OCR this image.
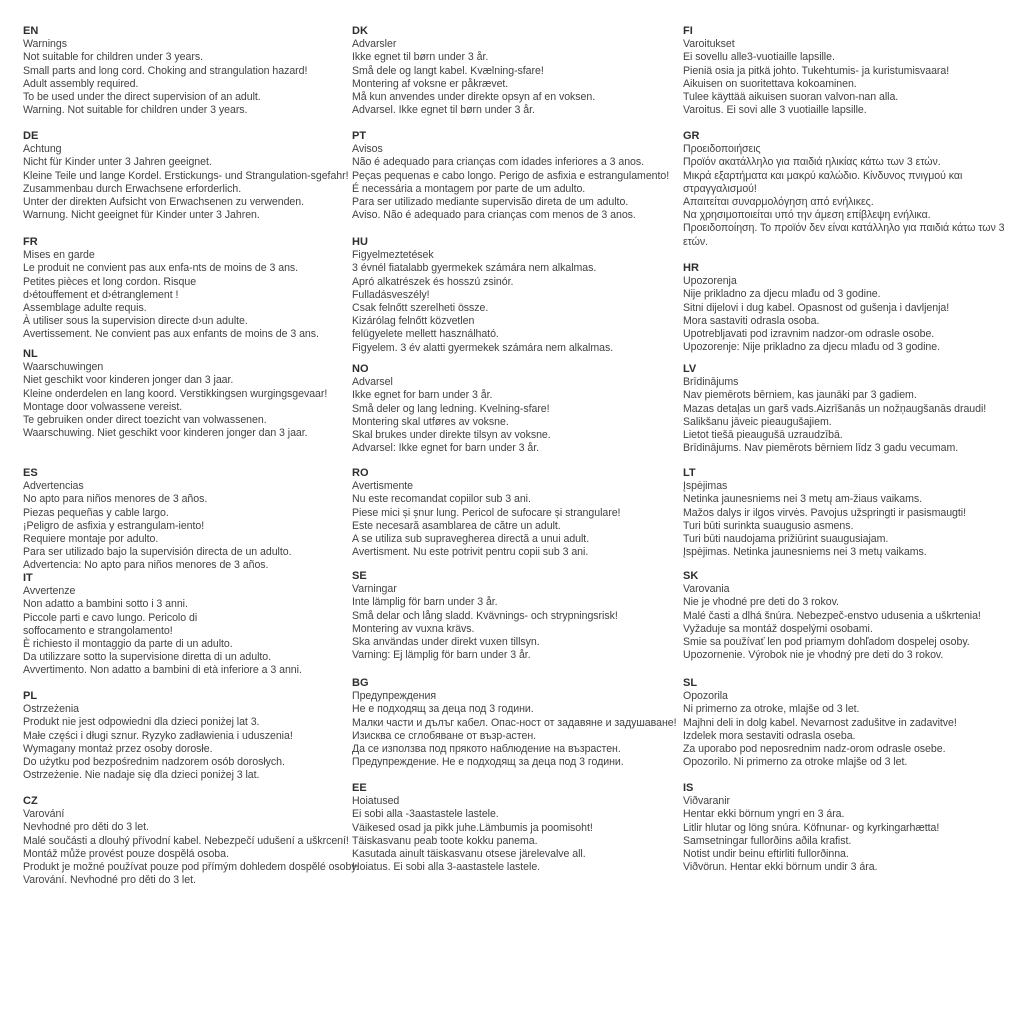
EN
Warnings
Not suitable for children under 3 years.
Small parts and long cord. Choking and strangulation hazard!
Adult assembly required.
To be used under the direct supervision of an adult.
Warning. Not suitable for children under 3 years.
DE
Achtung
Nicht für Kinder unter 3 Jahren geeignet.
Kleine Teile und lange Kordel. Erstickungs- und Strangulation-sgefahr!
Zusammenbau durch Erwachsene erforderlich.
Unter der direkten Aufsicht von Erwachsenen zu verwenden.
Warnung. Nicht geeignet für Kinder unter 3 Jahren.
FR
Mises en garde
Le produit ne convient pas aux enfa-nts de moins de 3 ans.
Petites pièces et long cordon. Risque
d›étouffement et d›étranglement !
Assemblage adulte requis.
À utiliser sous la supervision directe d›un adulte.
Avertissement. Ne convient pas aux enfants de moins de 3 ans.
NL
Waarschuwingen
Niet geschikt voor kinderen jonger dan 3 jaar.
Kleine onderdelen en lang koord. Verstikkingsen wurgingsgevaar!
Montage door volwassene vereist.
Te gebruiken onder direct toezicht van volwassenen.
Waarschuwing. Niet geschikt voor kinderen jonger dan 3 jaar.
ES
Advertencias
No apto para niños menores de 3 años.
Piezas pequeñas y cable largo.
¡Peligro de asfixia y estrangulam-iento!
Requiere montaje por adulto.
Para ser utilizado bajo la supervisión directa de un adulto.
Advertencia: No apto para niños menores de 3 años.
IT
Avvertenze
Non adatto a bambini sotto i 3 anni.
Piccole parti e cavo lungo. Pericolo di
soffocamento e strangolamento!
È richiesto il montaggio da parte di un adulto.
Da utilizzare sotto la supervisione diretta di un adulto.
Avvertimento. Non adatto a bambini di età inferiore a 3 anni.
PL
Ostrzeżenia
Produkt nie jest odpowiedni dla dzieci poniżej lat 3.
Małe części i długi sznur. Ryzyko zadławienia i uduszenia!
Wymagany montaż przez osoby dorosłe.
Do użytku pod bezpośrednim nadzorem osób dorosłych.
Ostrzeżenie. Nie nadaje się dla dzieci poniżej 3 lat.
CZ
Varování
Nevhodné pro děti do 3 let.
Malé součásti a dlouhý přívodní kabel. Nebezpečí udušení a uškrcení!
Montáž může provést pouze dospělá osoba.
Produkt je možné používat pouze pod přímým dohledem dospělé osoby.
Varování. Nevhodné pro děti do 3 let.
DK
Advarsler
Ikke egnet til børn under 3 år.
Små dele og langt kabel. Kvælning-sfare!
Montering af voksne er påkrævet.
Må kun anvendes under direkte opsyn af en voksen.
Advarsel. Ikke egnet til børn under 3 år.
PT
Avisos
Não é adequado para crianças com idades inferiores a 3 anos.
Peças pequenas e cabo longo. Perigo de asfixia e estrangulamento!
É necessária a montagem por parte de um adulto.
Para ser utilizado mediante supervisão direta de um adulto.
Aviso. Não é adequado para crianças com menos de 3 anos.
HU
Figyelmeztetések
3 évnél fiatalabb gyermekek számára nem alkalmas.
Apró alkatrészek és hosszú zsinór.
Fulladásveszély!
Csak felnőtt szerelheti össze.
Kizárólag felnőtt közvetlen
felügyelete mellett használható.
Figyelem. 3 év alatti gyermekek számára nem alkalmas.
NO
Advarsel
Ikke egnet for barn under 3 år.
Små deler og lang ledning. Kvelning-sfare!
Montering skal utføres av voksne.
Skal brukes under direkte tilsyn av voksne.
Advarsel: Ikke egnet for barn under 3 år.
RO
Avertismente
Nu este recomandat copiilor sub 3 ani.
Piese mici și șnur lung. Pericol de sufocare și strangulare!
Este necesară asamblarea de către un adult.
A se utiliza sub supravegherea directă a unui adult.
Avertisment. Nu este potrivit pentru copii sub 3 ani.
SE
Varningar
Inte lämplig för barn under 3 år.
Små delar och lång sladd. Kvävnings- och strypningsrisk!
Montering av vuxna krävs.
Ska användas under direkt vuxen tillsyn.
Varning: Ej lämplig för barn under 3 år.
BG
Предупреждения
Не е подходящ за деца под 3 години.
Малки части и дълъг кабел. Опас-ност от задавяне и задушаване!
Изисква се сглобяване от възр-астен.
Да се използва под прякото наблюдение на възрастен.
Предупреждение. Не е подходящ за деца под 3 години.
EE
Hoiatused
Ei sobi alla -3aastastele lastele.
Väikesed osad ja pikk juhe.Lämbumis ja poomisoht!
Täiskasvanu peab toote kokku panema.
Kasutada ainult täiskasvanu otsese järelevalve all.
Hoiatus. Ei sobi alla 3-aastastele lastele.
FI
Varoitukset
Ei sovellu alle3-vuotiaille lapsille.
Pieniä osia ja pitkä johto. Tukehtumis- ja kuristumisvaara!
Aikuisen on suoritettava kokoaminen.
Tulee käyttää aikuisen suoran valvon-nan alla.
Varoitus. Ei sovi alle 3 vuotiaille lapsille.
GR
Προειδοποιήσεις
Προϊόν ακατάλληλο για παιδιά ηλικίας κάτω των 3 ετών.
Μικρά εξαρτήματα και μακρύ καλώδιο. Κίνδυνος πνιγμού και
στραγγαλισμού!
Απαιτείται συναρμολόγηση από ενήλικες.
Να χρησιμοποιείται υπό την άμεση επίβλεψη ενήλικα.
Προειδοποίηση. Το προϊόν δεν είναι κατάλληλο για παιδιά κάτω των 3
ετών.
HR
Upozorenja
Nije prikladno za djecu mlađu od 3 godine.
Sitni dijelovi i dug kabel. Opasnost od gušenja i davljenja!
Mora sastaviti odrasla osoba.
Upotrebljavati pod izravnim nadzor-om odrasle osobe.
Upozorenje: Nije prikladno za djecu mlađu od 3 godine.
LV
Brīdinājums
Nav piemērots bērniem, kas jaunāki par 3 gadiem.
Mazas detaļas un garš vads.Aizrīšanās un nožņaugšanās draudi!
Salikšanu jāveic pieaugušajiem.
Lietot tiešā pieaugušā uzraudzībā.
Brīdinājums. Nav piemērots bērniem līdz 3 gadu vecumam.
LT
Įspėjimas
Netinka jaunesniems nei 3 metų am-žiaus vaikams.
Mažos dalys ir ilgos virvės. Pavojus užspringti ir pasismaugti!
Turi būti surinkta suaugusio asmens.
Turi būti naudojama prižiūrint suaugusiajam.
Įspėjimas. Netinka jaunesniems nei 3 metų vaikams.
SK
Varovania
Nie je vhodné pre deti do 3 rokov.
Malé časti a dlhá šnúra. Nebezpeč-enstvo udusenia a uškrtenia!
Vyžaduje sa montáž dospelými osobami.
Smie sa používať len pod priamym dohľadom dospelej osoby.
Upozornenie. Výrobok nie je vhodný pre deti do 3 rokov.
SL
Opozorila
Ni primerno za otroke, mlajše od 3 let.
Majhni deli in dolg kabel. Nevarnost zadušitve in zadavitve!
Izdelek mora sestaviti odrasla oseba.
Za uporabo pod neposrednim nadz-orom odrasle osebe.
Opozorilo. Ni primerno za otroke mlajše od 3 let.
IS
Viðvaranir
Hentar ekki börnum yngri en 3 ára.
Litlir hlutar og löng snúra. Köfnunar- og kyrkingarhætta!
Samsetningar fullorðins aðila krafist.
Notist undir beinu eftirliti fullorðinna.
Viðvörun. Hentar ekki börnum undir 3 ára.
